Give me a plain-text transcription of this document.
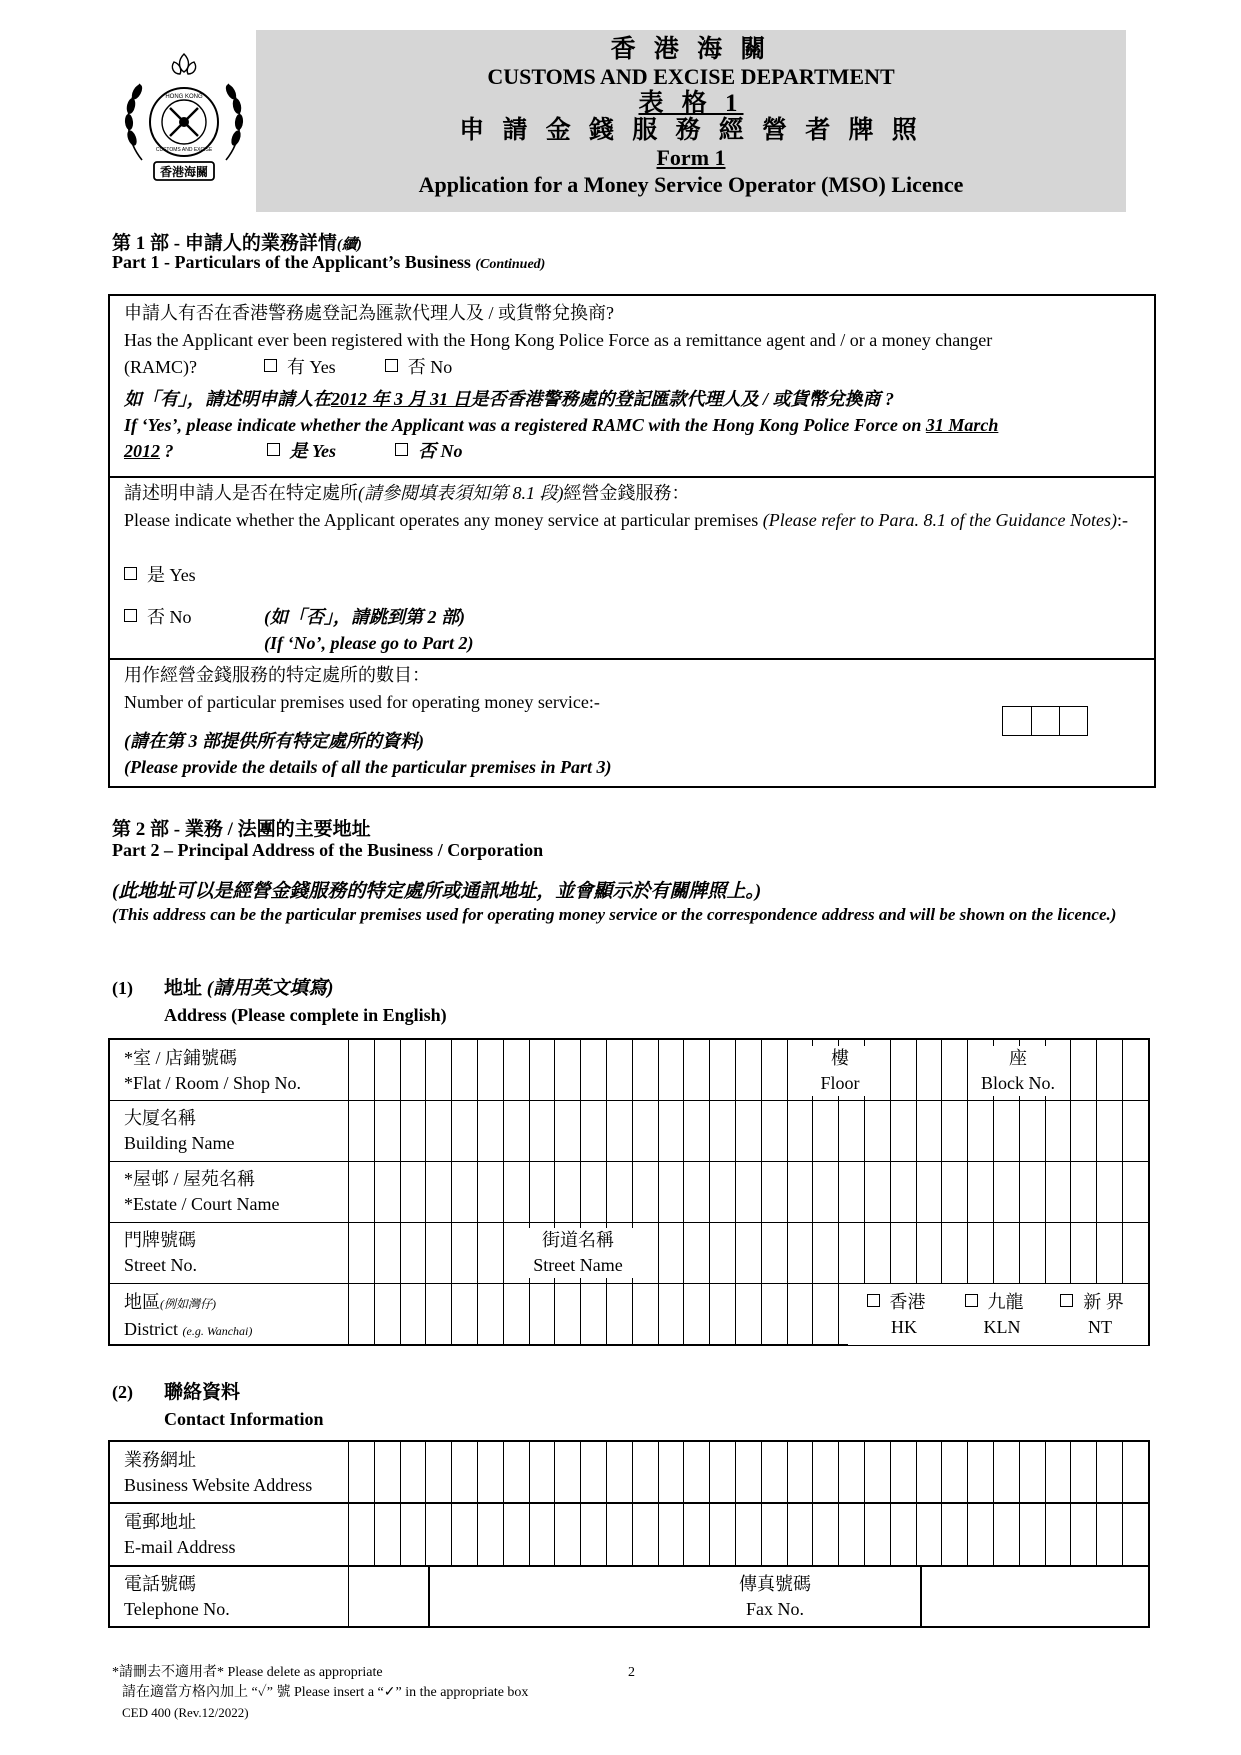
HONG KONG
CUSTOMS AND EXCISE
香港海關
香 港 海 關
CUSTOMS AND EXCISE DEPARTMENT
表 格 1
申 請 金 錢 服 務 經 營 者 牌 照
Form 1
Application for a Money Service Operator (MSO) Licence
第 1 部 - 申請人的業務詳情(續)
Part 1 - Particulars of the Applicant’s Business (Continued)
申請人有否在香港警務處登記為匯款代理人及 / 或貨幣兌換商?
Has the Applicant ever been registered with the Hong Kong Police Force as a remittance agent and / or a money changer
(RAMC)?	有 Yes	否 No
如「有」，請述明申請人在2012 年 3 月 31 日是否香港警務處的登記匯款代理人及 / 或貨幣兌換商 ?
If ‘Yes’, please indicate whether the Applicant was a registered RAMC with the Hong Kong Police Force on 31 March
2012 ?	是 Yes	否 No
請述明申請人是否在特定處所(請參閱填表須知第 8.1 段)經營金錢服務：
Please indicate whether the Applicant operates any money service at particular premises (Please refer to Para. 8.1 of the Guidance Notes):-
是 Yes
否 No	(如「否」，請跳到第 2 部)
(If ‘No’, please go to Part 2)
用作經營金錢服務的特定處所的數目：
Number of particular premises used for operating money service:-
(請在第 3 部提供所有特定處所的資料)
(Please provide the details of all the particular premises in Part 3)
第 2 部 - 業務 / 法團的主要地址
Part 2 – Principal Address of the Business / Corporation
(此地址可以是經營金錢服務的特定處所或通訊地址，並會顯示於有關牌照上。)
(This address can be the particular premises used for operating money service or the correspondence address and will be shown on the licence.)
(1) 地址 (請用英文填寫)
Address (Please complete in English)
*室 / 店鋪號碼
*Flat / Room / Shop No.
樓
Floor
座
Block No.
大厦名稱
Building Name
*屋邨 / 屋苑名稱
*Estate / Court Name
門牌號碼
Street No.
街道名稱
Street Name
地區(例如灣仔)
District (e.g. Wanchai)
香港
HK
九龍
KLN
新 界
NT
(2) 聯絡資料
Contact Information
業務網址
Business Website Address
電郵地址
E-mail Address
電話號碼
Telephone No.
傳真號碼
Fax No.
*請刪去不適用者* Please delete as appropriate	2
請在適當方格內加上 “✓” 號 Please insert a “✓” in the appropriate box
CED 400 (Rev.12/2022)
